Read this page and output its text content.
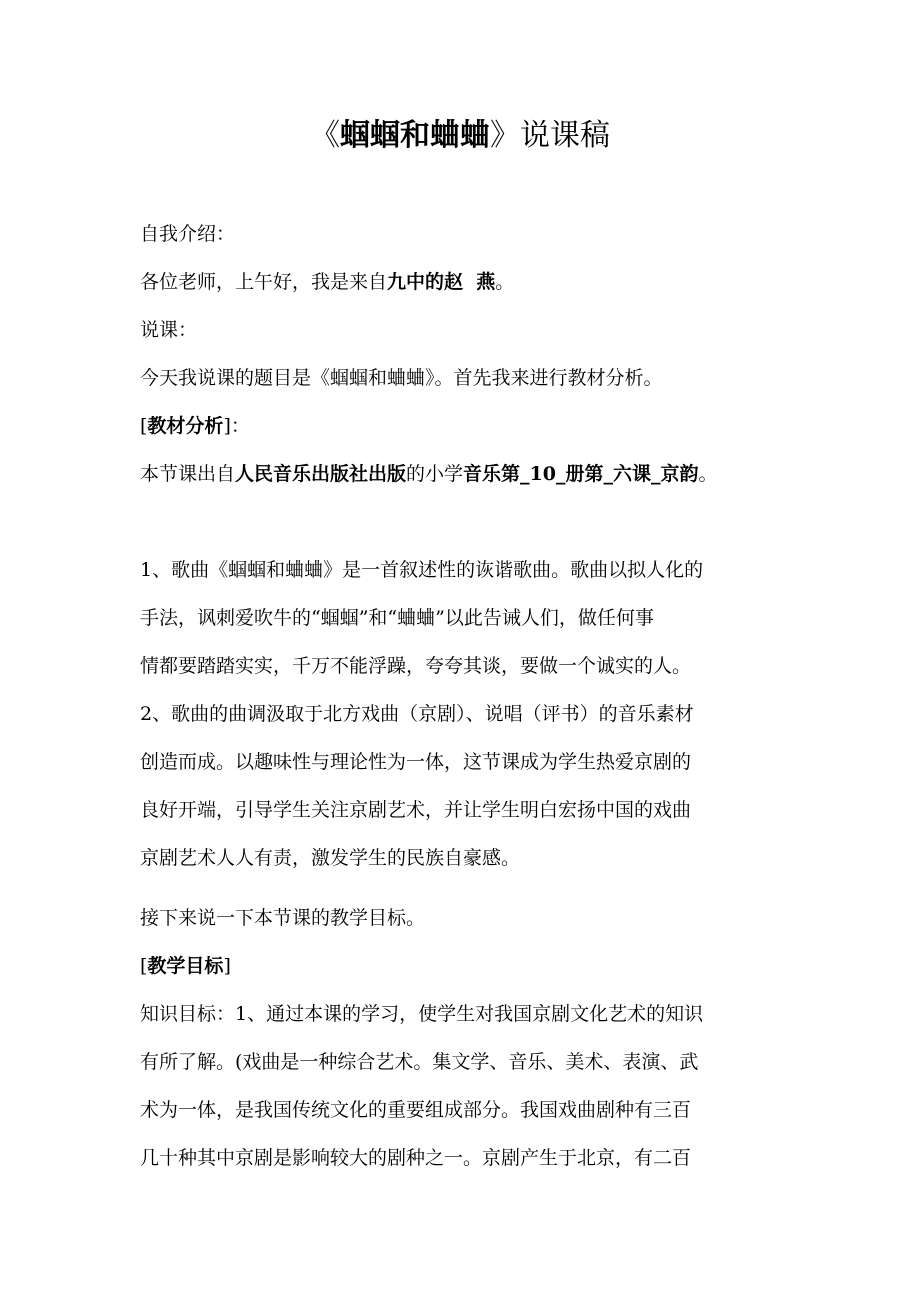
《蝈蝈和蛐蛐》说课稿
自我介绍：
各位老师，上午好，我是来自九中的赵  燕。
说课：
今天我说课的题目是《蝈蝈和蛐蛐》。首先我来进行教材分析。
[教材分析]：
本节课出自人民音乐出版社出版的小学音乐第_10_册第_六课_京韵。
1、歌曲《蝈蝈和蛐蛐》是一首叙述性的诙谐歌曲。歌曲以拟人化的
手法，讽刺爱吹牛的“蝈蝈”和“蛐蛐”以此告诫人们，做任何事
情都要踏踏实实，千万不能浮躁，夸夸其谈，要做一个诚实的人。
2、歌曲的曲调汲取于北方戏曲（京剧）、说唱（评书）的音乐素材
创造而成。以趣味性与理论性为一体，这节课成为学生热爱京剧的
良好开端，引导学生关注京剧艺术，并让学生明白宏扬中国的戏曲
京剧艺术人人有责，激发学生的民族自豪感。
接下来说一下本节课的教学目标。
[教学目标]
知识目标：1、通过本课的学习，使学生对我国京剧文化艺术的知识
有所了解。(戏曲是一种综合艺术。集文学、音乐、美术、表演、武
术为一体，是我国传统文化的重要组成部分。我国戏曲剧种有三百
几十种其中京剧是影响较大的剧种之一。京剧产生于北京，有二百
